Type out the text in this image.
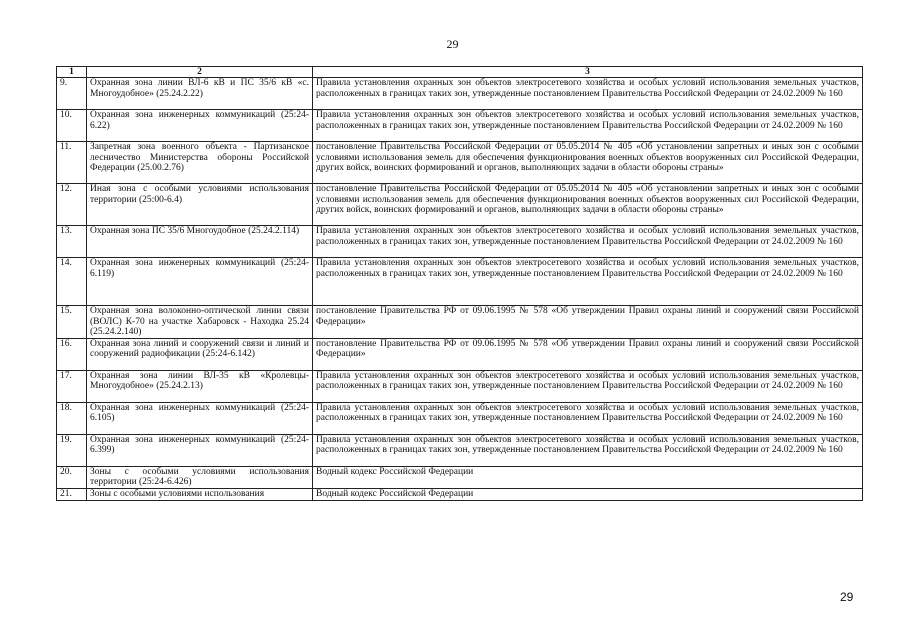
29
1	2	3
9.	Охранная зона линии ВЛ-6 кВ и ПС 35/6 кВ «с. Многоудобное» (25.24.2.22)	Правила установления охранных зон объектов электросетевого хозяйства и особых условий использования земельных участков, расположенных в границах таких зон, утвержденные постановлением Правительства Российской Федерации от 24.02.2009 № 160
10.	Охранная зона инженерных коммуникаций (25:24-6.22)	Правила установления охранных зон объектов электросетевого хозяйства и особых условий использования земельных участков, расположенных в границах таких зон, утвержденные постановлением Правительства Российской Федерации от 24.02.2009 № 160
11.	Запретная зона военного объекта - Партизанское лесничество Министерства обороны Российской Федерации (25.00.2.76)	постановление Правительства Российской Федерации от 05.05.2014 № 405 «Об установлении запретных и иных зон с особыми условиями использования земель для обеспечения функционирования военных объектов вооруженных сил Российской Федерации, других войск, воинских формирований и органов, выполняющих задачи в области обороны страны»
12.	Иная зона с особыми условиями использования территории (25:00-6.4)	постановление Правительства Российской Федерации от 05.05.2014 № 405 «Об установлении запретных и иных зон с особыми условиями использования земель для обеспечения функционирования военных объектов вооруженных сил Российской Федерации, других войск, воинских формирований и органов, выполняющих задачи в области обороны страны»
13.	Охранная зона ПС 35/6 Многоудобное (25.24.2.114)	Правила установления охранных зон объектов электросетевого хозяйства и особых условий использования земельных участков, расположенных в границах таких зон, утвержденные постановлением Правительства Российской Федерации от 24.02.2009 № 160
14.	Охранная зона инженерных коммуникаций (25:24-6.119)	Правила установления охранных зон объектов электросетевого хозяйства и особых условий использования земельных участков, расположенных в границах таких зон, утвержденные постановлением Правительства Российской Федерации от 24.02.2009 № 160
15.	Охранная зона волоконно-оптической линии связи (ВОЛС) К-70 на участке Хабаровск - Находка 25.24 (25.24.2.140)	постановление Правительства РФ от 09.06.1995 № 578 «Об утверждении Правил охраны линий и сооружений связи Российской Федерации»
16.	Охранная зона линий и сооружений связи и линий и сооружений радиофикации (25:24-6.142)	постановление Правительства РФ от 09.06.1995 № 578 «Об утверждении Правил охраны линий и сооружений связи Российской Федерации»
17.	Охранная зона линии ВЛ-35 кВ «Кролевцы-Многоудобное» (25.24.2.13)	Правила установления охранных зон объектов электросетевого хозяйства и особых условий использования земельных участков, расположенных в границах таких зон, утвержденные постановлением Правительства Российской Федерации от 24.02.2009 № 160
18.	Охранная зона инженерных коммуникаций (25:24-6.105)	Правила установления охранных зон объектов электросетевого хозяйства и особых условий использования земельных участков, расположенных в границах таких зон, утвержденные постановлением Правительства Российской Федерации от 24.02.2009 № 160
19.	Охранная зона инженерных коммуникаций (25:24-6.399)	Правила установления охранных зон объектов электросетевого хозяйства и особых условий использования земельных участков, расположенных в границах таких зон, утвержденные постановлением Правительства Российской Федерации от 24.02.2009 № 160
20.	Зоны с особыми условиями использования территории (25:24-6.426)	Водный кодекс Российской Федерации
21.	Зоны с особыми условиями использования	Водный кодекс Российской Федерации
29
